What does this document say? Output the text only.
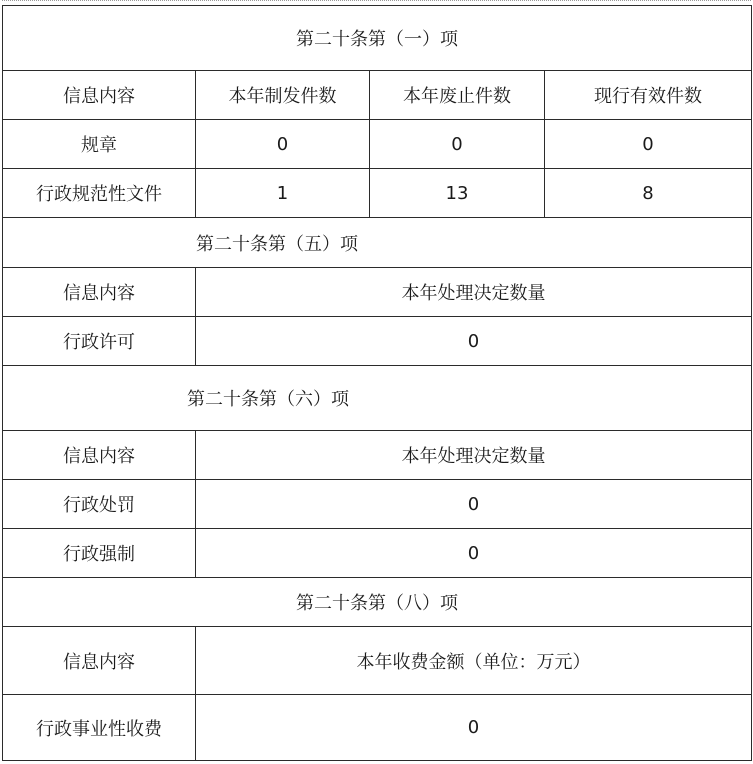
第二十条第（一）项			
信息内容	本年制发件数	本年废止件数	现行有效件数
规章	0	0	0
行政规范性文件	1	13	8
第二十条第（五）项			
信息内容	本年处理决定数量		
行政许可	0		
第二十条第（六）项			
信息内容	本年处理决定数量		
行政处罚	0		
行政强制	0		
第二十条第（八）项			
信息内容	本年收费金额（单位：万元）		
行政事业性收费	0		
